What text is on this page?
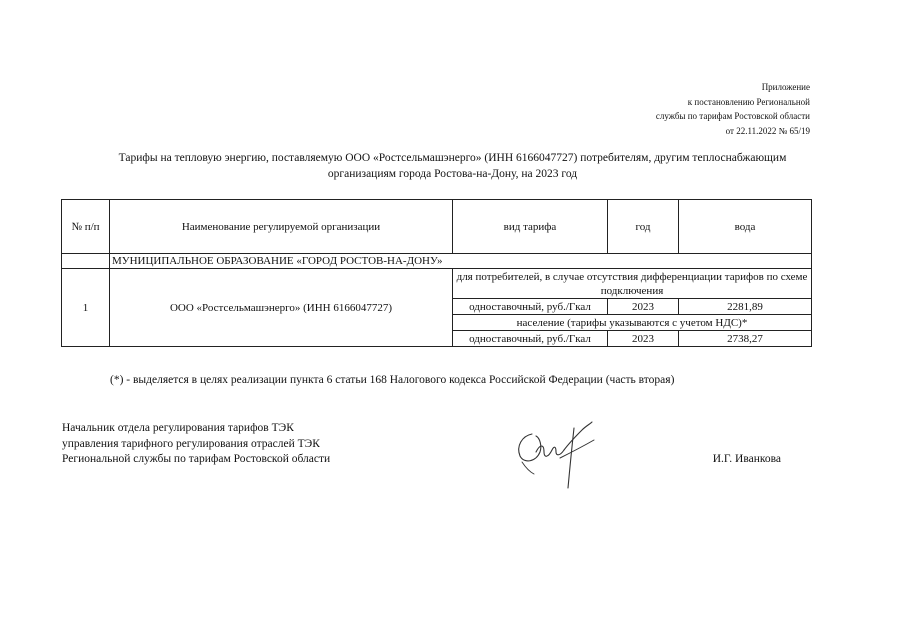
Приложение
к постановлению Региональной
службы по тарифам Ростовской области
от 22.11.2022 № 65/19
Тарифы на тепловую энергию, поставляемую ООО «Ростсельмашэнерго» (ИНН 6166047727) потребителям, другим теплоснабжающим
организациям города Ростова-на-Дону, на 2023 год
№ п/п	Наименование регулируемой организации	вид тарифа	год	вода
	МУНИЦИПАЛЬНОЕ ОБРАЗОВАНИЕ «ГОРОД РОСТОВ-НА-ДОНУ»			
1	ООО «Ростсельмашэнерго» (ИНН 6166047727)	для потребителей, в случае отсутствия дифференциации тарифов по схеме подключения		
		одноставочный, руб./Гкал	2023	2281,89
		население (тарифы указываются с учетом НДС)*		
		одноставочный, руб./Гкал	2023	2738,27
(*) - выделяется в целях реализации пункта 6 статьи 168 Налогового кодекса Российской Федерации (часть вторая)
Начальник отдела регулирования тарифов ТЭК
управления тарифного регулирования отраслей ТЭК
Региональной службы по тарифам Ростовской области	И.Г. Иванкова
